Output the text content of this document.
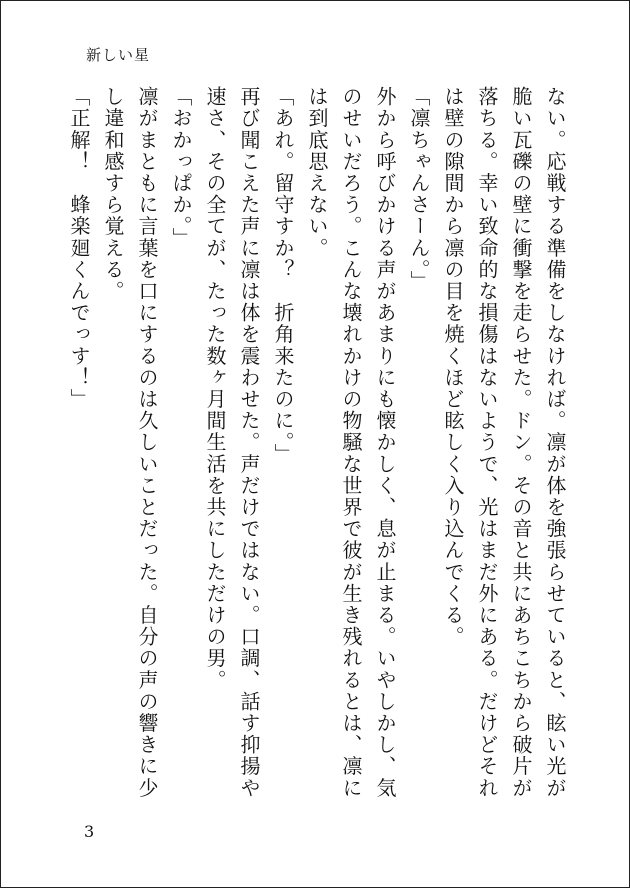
新しい星

ない。応戦する準備をしなければ。凛が体を強張らせていると、眩い光が脆い瓦礫の壁に衝撃を走らせた。ドン。その音と共にあちこちから破片が落ちる。幸い致命的な損傷はないようで、光はまだ外にある。だけどそれは壁の隙間から凛の目を焼くほど眩しく入り込んでくる。

「凛ちゃんさーん。」

外から呼びかける声があまりにも懐かしく、息が止まる。いやしかし、気のせいだろう。こんな壊れかけの物騒な世界で彼が生き残れるとは、凛には到底思えない。

「あれ。留守すか？　折角来たのに。」

再び聞こえた声に凛は体を震わせた。声だけではない。口調、話す抑揚や速さ、その全てが、たった数ヶ月間生活を共にしただけの男。

「おかっぱか。」

凛がまともに言葉を口にするのは久しいことだった。自分の声の響きに少し違和感すら覚える。

「正解！　蜂楽廻くんでっす！」

3
